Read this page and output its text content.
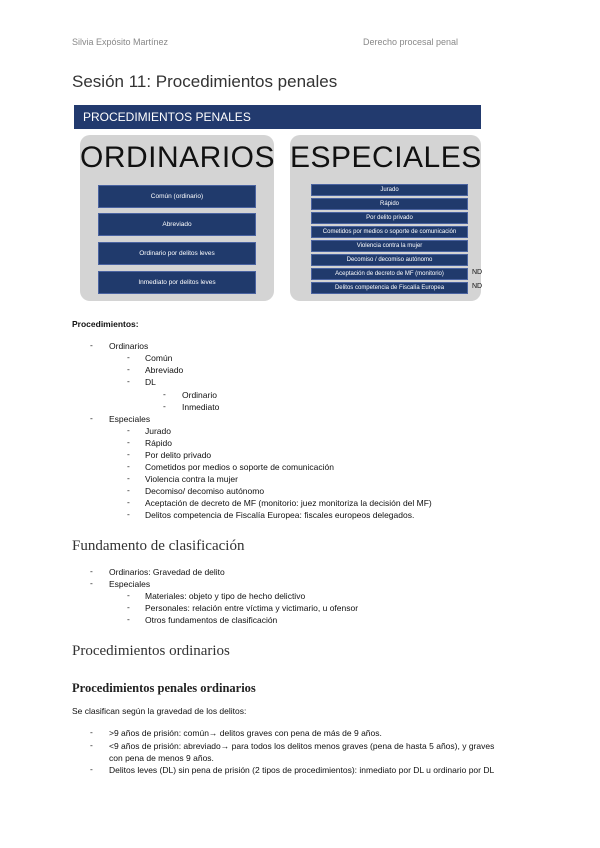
Silvia Expósito Martínez	Derecho procesal penal
Sesión 11: Procedimientos penales
PROCEDIMIENTOS PENALES
ORDINARIOS
Común (ordinario)
Abreviado
Ordinario por delitos leves
Inmediato por delitos leves
ESPECIALES
Jurado
Rápido
Por delito privado
Cometidos por medios o soporte de comunicación
Violencia contra la mujer
Decomiso / decomiso autónomo
Aceptación de decreto de MF (monitorio)
Delitos competencia de Fiscalía Europea
ND
ND
Procedimientos:
- Ordinarios
- Común
- Abreviado
- DL
- Ordinario
- Inmediato
- Especiales
- Jurado
- Rápido
- Por delito privado
- Cometidos por medios o soporte de comunicación
- Violencia contra la mujer
- Decomiso/ decomiso autónomo
- Aceptación de decreto de MF (monitorio: juez monitoriza la decisión del MF)
- Delitos competencia de Fiscalía Europea: fiscales europeos delegados.
Fundamento de clasificación
- Ordinarios: Gravedad de delito
- Especiales
- Materiales: objeto y tipo de hecho delictivo
- Personales: relación entre víctima y victimario, u ofensor
- Otros fundamentos de clasificación
Procedimientos ordinarios
Procedimientos penales ordinarios
Se clasifican según la gravedad de los delitos:
- >9 años de prisión: común→ delitos graves con pena de más de 9 años.
- <9 años de prisión: abreviado→ para todos los delitos menos graves (pena de hasta 5 años), y graves
con pena de menos 9 años.
- Delitos leves (DL) sin pena de prisión (2 tipos de procedimientos): inmediato por DL u ordinario por DL
